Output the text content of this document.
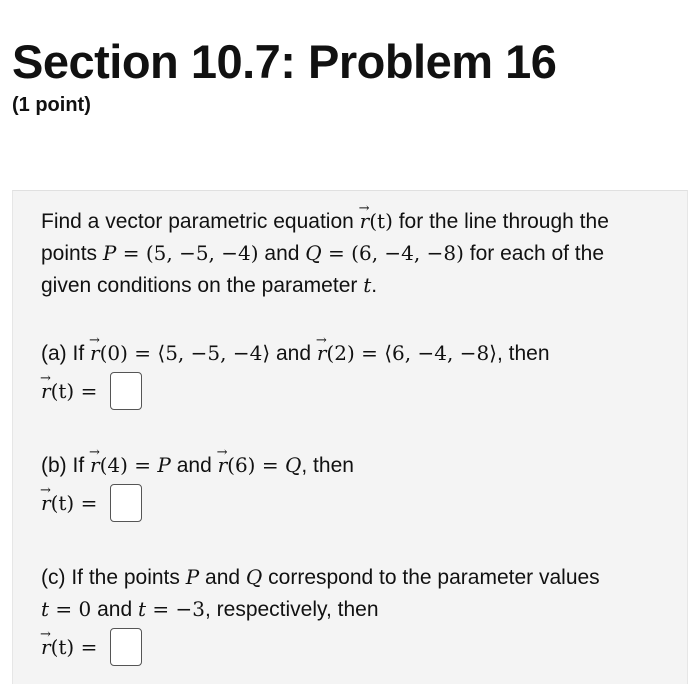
Section 10.7: Problem 16
(1 point)
Find a vector parametric equation → r(t) for the line through the
points P = (5, −5, −4) and Q = (6, −4, −8) for each of the
given conditions on the parameter t.
(a) If → r(0) = ⟨5, −5, −4⟩ and → r(2) = ⟨6, −4, −8⟩, then
→ r (t) =
(b) If → r(4) = P and → r(6) = Q, then
→ r (t) =
(c) If the points P and Q correspond to the parameter values
t = 0 and t = −3, respectively, then
→ r (t) =
